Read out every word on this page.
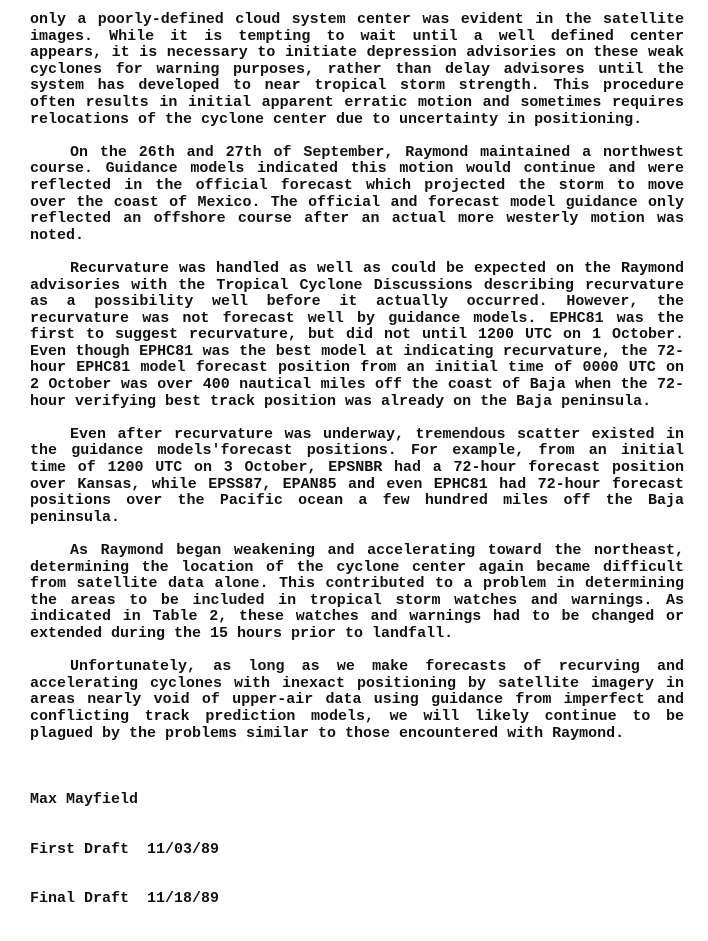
only a poorly-defined cloud system center was evident in the satellite images. While it is tempting to wait until a well defined center appears, it is necessary to initiate depression advisories on these weak cyclones for warning purposes, rather than delay advisores until the system has developed to near tropical storm strength. This procedure often results in initial apparent erratic motion and sometimes requires relocations of the cyclone center due to uncertainty in positioning.

On the 26th and 27th of September, Raymond maintained a northwest course. Guidance models indicated this motion would continue and were reflected in the official forecast which projected the storm to move over the coast of Mexico. The official and forecast model guidance only reflected an offshore course after an actual more westerly motion was noted.

Recurvature was handled as well as could be expected on the Raymond advisories with the Tropical Cyclone Discussions describing recurvature as a possibility well before it actually occurred. However, the recurvature was not forecast well by guidance models. EPHC81 was the first to suggest recurvature, but did not until 1200 UTC on 1 October. Even though EPHC81 was the best model at indicating recurvature, the 72-hour EPHC81 model forecast position from an initial time of 0000 UTC on 2 October was over 400 nautical miles off the coast of Baja when the 72-hour verifying best track position was already on the Baja peninsula.

Even after recurvature was underway, tremendous scatter existed in the guidance models'forecast positions. For example, from an initial time of 1200 UTC on 3 October, EPSNBR had a 72-hour forecast position over Kansas, while EPSS87, EPAN85 and even EPHC81 had 72-hour forecast positions over the Pacific ocean a few hundred miles off the Baja peninsula.

As Raymond began weakening and accelerating toward the northeast, determining the location of the cyclone center again became difficult from satellite data alone. This contributed to a problem in determining the areas to be included in tropical storm watches and warnings. As indicated in Table 2, these watches and warnings had to be changed or extended during the 15 hours prior to landfall.

Unfortunately, as long as we make forecasts of recurving and accelerating cyclones with inexact positioning by satellite imagery in areas nearly void of upper-air data using guidance from imperfect and conflicting track prediction models, we will likely continue to be plagued by the problems similar to those encountered with Raymond.

Max Mayfield

First Draft  11/03/89

Final Draft  11/18/89
